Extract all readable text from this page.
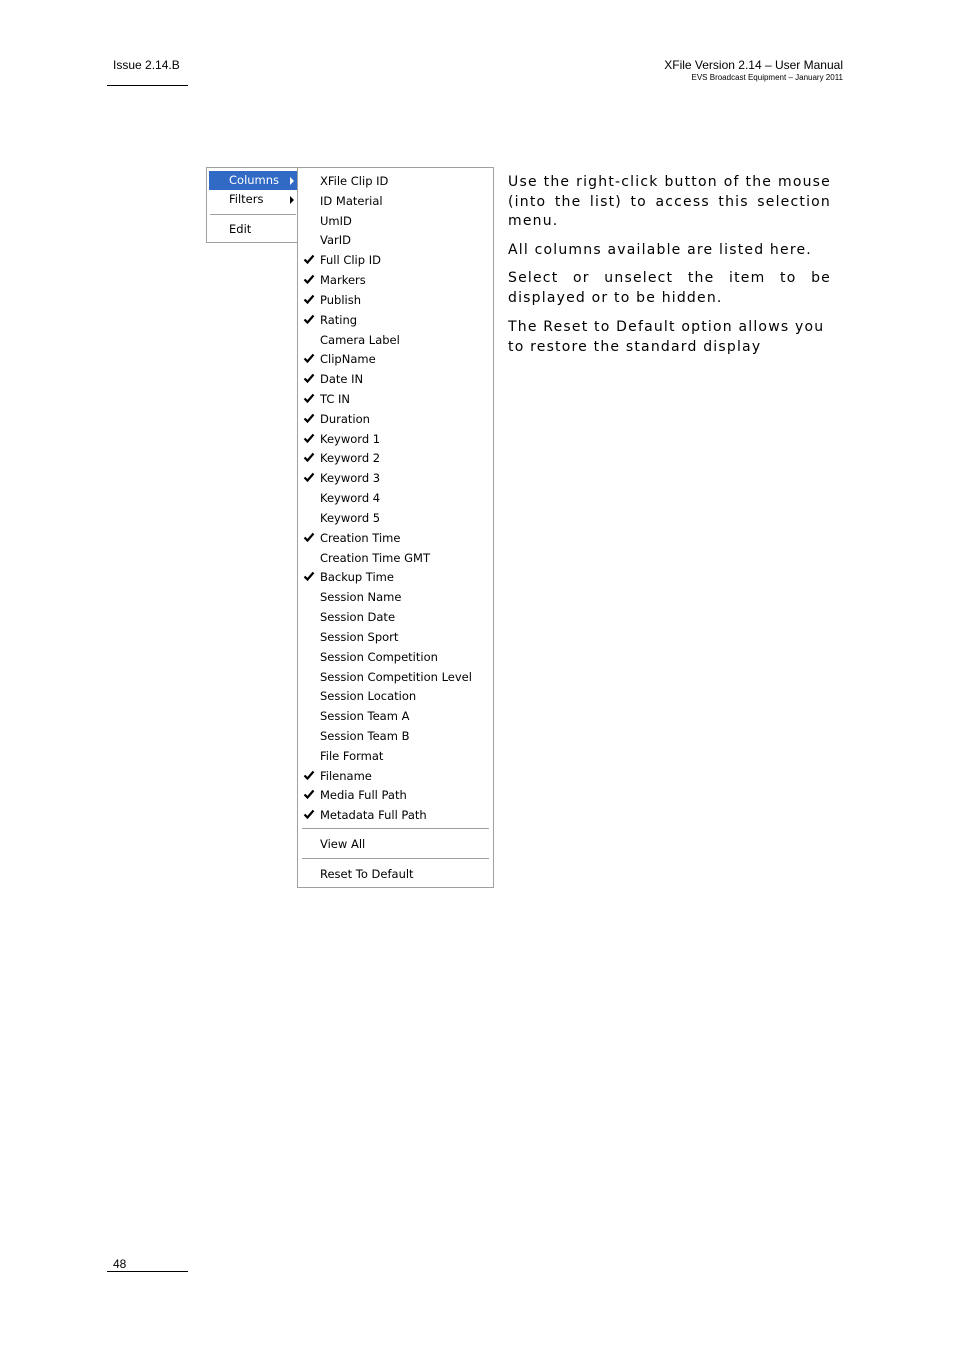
Issue 2.14.B	XFile Version 2.14 – User Manual
EVS Broadcast Equipment – January 2011
Columns
Filters
Edit
View All
Reset To Default
XFile Clip ID
ID Material
UmID
VarID
Full Clip ID
Markers
Publish
Rating
Camera Label
ClipName
Date IN
TC IN
Duration
Keyword 1
Keyword 2
Keyword 3
Keyword 4
Keyword 5
Creation Time
Creation Time GMT
Backup Time
Session Name
Session Date
Session Sport
Session Competition
Session Competition Level
Session Location
Session Team A
Session Team B
File Format
Filename
Media Full Path
Metadata Full Path

Use the right-click button of the mouse (into the list) to access this selection menu.

All columns available are listed here.

Select or unselect the item to be displayed or to be hidden.

The Reset to Default option allows you to restore the standard display

48
